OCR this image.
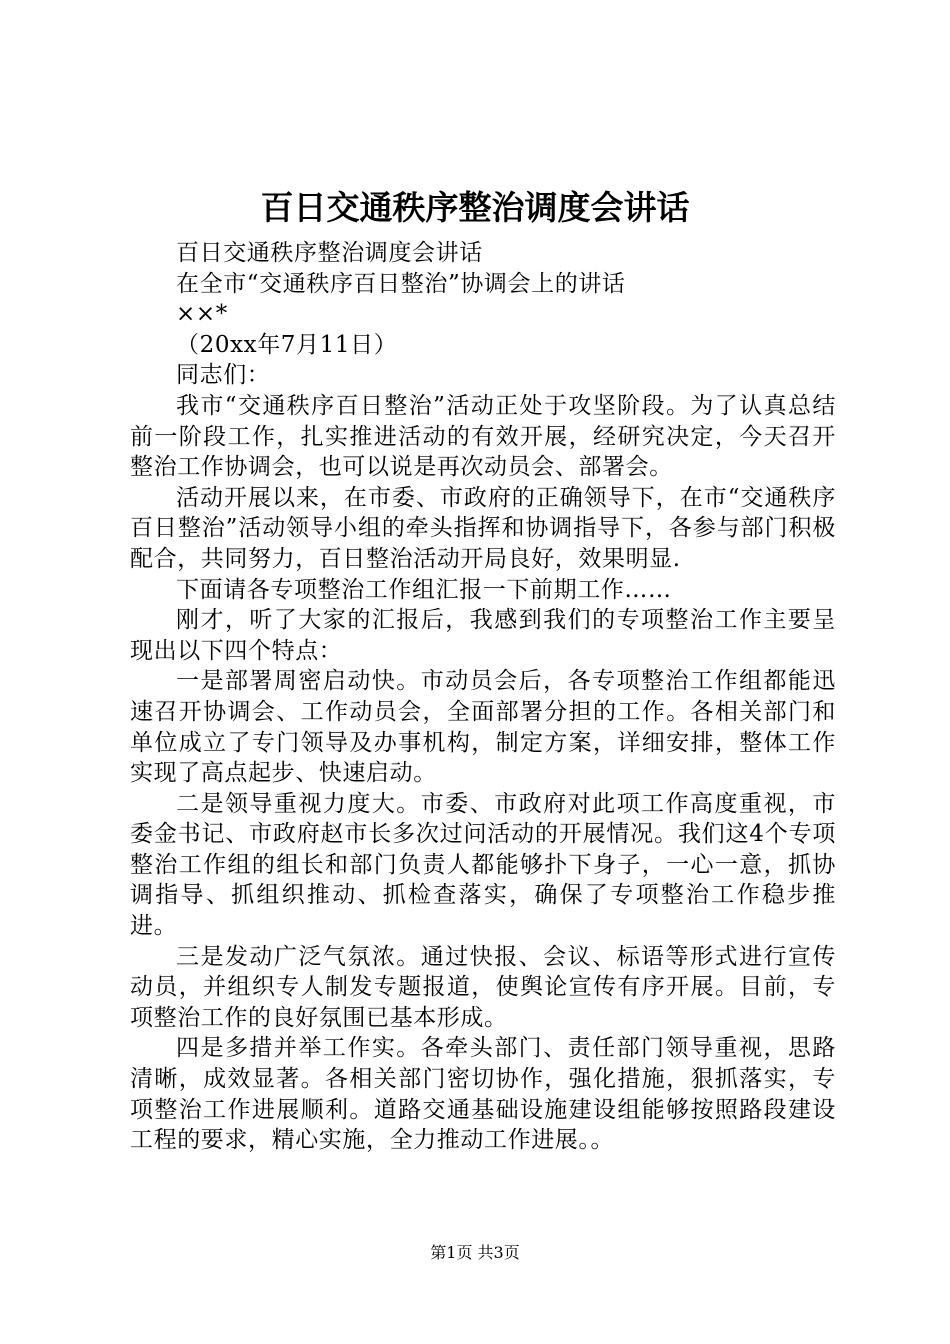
百日交通秩序整治调度会讲话

百日交通秩序整治调度会讲话

在全市“交通秩序百日整治”协调会上的讲话

××*

（20xx年7月11日）

同志们：

我市“交通秩序百日整治”活动正处于攻坚阶段。为了认真总结前一阶段工作，扎实推进活动的有效开展，经研究决定，今天召开整治工作协调会，也可以说是再次动员会、部署会。

活动开展以来，在市委、市政府的正确领导下，在市“交通秩序百日整治”活动领导小组的牵头指挥和协调指导下，各参与部门积极配合，共同努力，百日整治活动开局良好，效果明显.

下面请各专项整治工作组汇报一下前期工作……

刚才，听了大家的汇报后，我感到我们的专项整治工作主要呈现出以下四个特点：

一是部署周密启动快。市动员会后，各专项整治工作组都能迅速召开协调会、工作动员会，全面部署分担的工作。各相关部门和单位成立了专门领导及办事机构，制定方案，详细安排，整体工作实现了高点起步、快速启动。

二是领导重视力度大。市委、市政府对此项工作高度重视，市委金书记、市政府赵市长多次过问活动的开展情况。我们这4个专项整治工作组的组长和部门负责人都能够扑下身子，一心一意，抓协调指导、抓组织推动、抓检查落实，确保了专项整治工作稳步推进。

三是发动广泛气氛浓。通过快报、会议、标语等形式进行宣传动员，并组织专人制发专题报道，使舆论宣传有序开展。目前，专项整治工作的良好氛围已基本形成。

四是多措并举工作实。各牵头部门、责任部门领导重视，思路清晰，成效显著。各相关部门密切协作，强化措施，狠抓落实，专项整治工作进展顺利。道路交通基础设施建设组能够按照路段建设工程的要求，精心实施，全力推动工作进展。。

第1页 共3页
